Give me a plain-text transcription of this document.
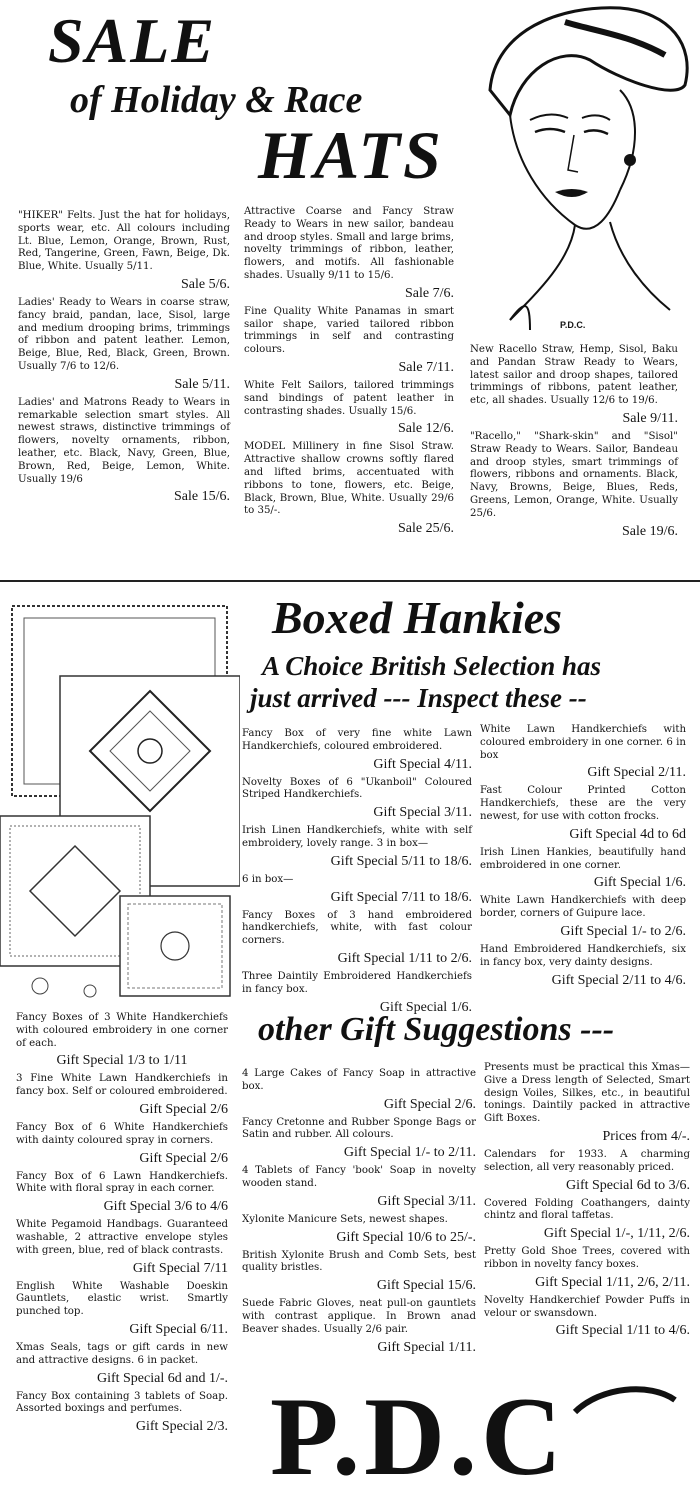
SALE
of Holiday & Race
HATS
P.D.C.

"HIKER" Felts. Just the hat for holidays, sports wear, etc. All colours including Lt. Blue, Lemon, Orange, Brown, Rust, Red, Tangerine, Green, Fawn, Beige, Dk. Blue, White. Usually 5/11.

Sale 5/6.

Ladies' Ready to Wears in coarse straw, fancy braid, pandan, lace, Sisol, large and medium drooping brims, trimmings of ribbon and patent leather. Lemon, Beige, Blue, Red, Black, Green, Brown. Usually 7/6 to 12/6.

Sale 5/11.

Ladies' and Matrons Ready to Wears in remarkable selection smart styles. All newest straws, distinctive trimmings of flowers, novelty ornaments, ribbon, leather, etc. Black, Navy, Green, Blue, Brown, Red, Beige, Lemon, White. Usually 19/6

Sale 15/6.

Attractive Coarse and Fancy Straw Ready to Wears in new sailor, bandeau and droop styles. Small and large brims, novelty trimmings of ribbon, leather, flowers, and motifs. All fashionable shades. Usually 9/11 to 15/6.

Sale 7/6.

Fine Quality White Panamas in smart sailor shape, varied tailored ribbon trimmings in self and contrasting colours.

Sale 7/11.

White Felt Sailors, tailored trimmings sand bindings of patent leather in contrasting shades. Usually 15/6.

Sale 12/6.

MODEL Millinery in fine Sisol Straw. Attractive shallow crowns softly flared and lifted brims, accentuated with ribbons to tone, flowers, etc. Beige, Black, Brown, Blue, White. Usually 29/6 to 35/-.

Sale 25/6.

New Racello Straw, Hemp, Sisol, Baku and Pandan Straw Ready to Wears, latest sailor and droop shapes, tailored trimmings of ribbons, patent leather, etc, all shades. Usually 12/6 to 19/6.

Sale 9/11.

"Racello," "Shark-skin" and "Sisol" Straw Ready to Wears. Sailor, Bandeau and droop styles, smart trimmings of flowers, ribbons and ornaments. Black, Navy, Browns, Beige, Blues, Reds, Greens, Lemon, Orange, White. Usually 25/6.

Sale 19/6.

Boxed Hankies
A Choice British Selection has
just arrived --- Inspect these --

Fancy Box of very fine white Lawn Handkerchiefs, coloured embroidered.

Gift Special 4/11.

Novelty Boxes of 6 "Ukanboil" Coloured Striped Handkerchiefs.

Gift Special 3/11.

Irish Linen Handkerchiefs, white with self embroidery, lovely range. 3 in box—

Gift Special 5/11 to 18/6.

6 in box—

Gift Special 7/11 to 18/6.

Fancy Boxes of 3 hand embroidered handkerchiefs, white, with fast colour corners.

Gift Special 1/11 to 2/6.

Three Daintily Embroidered Handkerchiefs in fancy box.

Gift Special 1/6.

White Lawn Handkerchiefs with coloured embroidery in one corner. 6 in box

Gift Special 2/11.

Fast Colour Printed Cotton Handkerchiefs, these are the very newest, for use with cotton frocks.

Gift Special 4d to 6d

Irish Linen Hankies, beautifully hand embroidered in one corner.

Gift Special 1/6.

White Lawn Handkerchiefs with deep border, corners of Guipure lace.

Gift Special 1/- to 2/6.

Hand Embroidered Handkerchiefs, six in fancy box, very dainty designs.

Gift Special 2/11 to 4/6.

other Gift Suggestions ---

Fancy Boxes of 3 White Handkerchiefs with coloured embroidery in one corner of each.

Gift Special 1/3 to 1/11

3 Fine White Lawn Handkerchiefs in fancy box. Self or coloured embroidered.

Gift Special 2/6

Fancy Box of 6 White Handkerchiefs with dainty coloured spray in corners.

Gift Special 2/6

Fancy Box of 6 Lawn Handkerchiefs. White with floral spray in each corner.

Gift Special 3/6 to 4/6

White Pegamoid Handbags. Guaranteed washable, 2 attractive envelope styles with green, blue, red of black contrasts.

Gift Special 7/11

English White Washable Doeskin Gauntlets, elastic wrist. Smartly punched top.

Gift Special 6/11.

Xmas Seals, tags or gift cards in new and attractive designs. 6 in packet.

Gift Special 6d and 1/-.

Fancy Box containing 3 tablets of Soap. Assorted boxings and perfumes.

Gift Special 2/3.

4 Large Cakes of Fancy Soap in attractive box.

Gift Special 2/6.

Fancy Cretonne and Rubber Sponge Bags or Satin and rubber. All colours.

Gift Special 1/- to 2/11.

4 Tablets of Fancy 'book' Soap in novelty wooden stand.

Gift Special 3/11.

Xylonite Manicure Sets, newest shapes.

Gift Special 10/6 to 25/-.

British Xylonite Brush and Comb Sets, best quality bristles.

Gift Special 15/6.

Suede Fabric Gloves, neat pull-on gauntlets with contrast applique. In Brown anad Beaver shades. Usually 2/6 pair.

Gift Special 1/11.

Presents must be practical this Xmas—Give a Dress length of Selected, Smart design Voiles, Silkes, etc., in beautiful tonings. Daintily packed in attractive Gift Boxes.

Prices from 4/-.

Calendars for 1933. A charming selection, all very reasonably priced.

Gift Special 6d to 3/6.

Covered Folding Coathangers, dainty chintz and floral taffetas.

Gift Special 1/-, 1/11, 2/6.

Pretty Gold Shoe Trees, covered with ribbon in novelty fancy boxes.

Gift Special 1/11, 2/6, 2/11.

Novelty Handkerchief Powder Puffs in velour or swansdown.

Gift Special 1/11 to 4/6.

P.D.C
